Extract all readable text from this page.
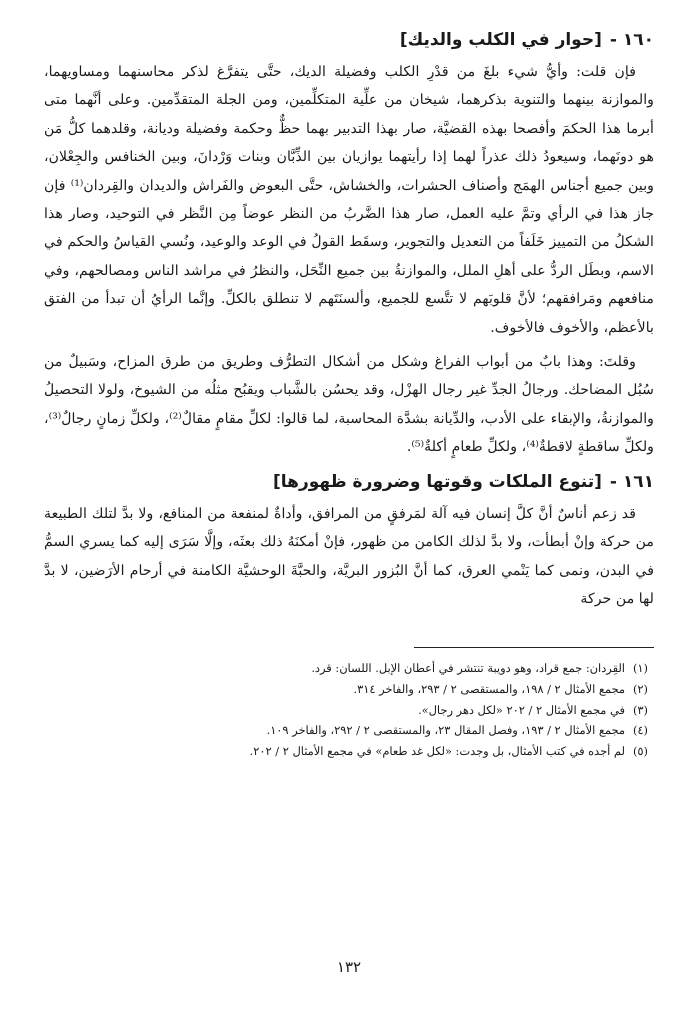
١٦٠ -
[حوار في الكلب والديك]

فإن قلت: وأيُّ شيء بلغَ من قدْرِ الكلب وفضيلة الديك، حتَّى يتفرَّغ لذكر محاسنهما ومساويهما، والموازنة بينهما والتنوية بذكرهما، شيخان من علِّية المتكلِّمين، ومن الجلة المتقدِّمين. وعلى أنَّهما متى أبرما هذا الحكمَ وأفصحا بهذه القضيَّة، صار بهذا التدبير بهما حظٌّ وحكمة وفضيلة وديانة، وقلدهما كلُّ مَن هو دونَهما، وسيعودُ ذلك عذراً لهما إذا رأيتهما يوازيان بين الذِّبَّان وبنات وَرْدانَ، وبين الخنافس والجِعْلان، وبين جميع أجناس الهمَج وأصناف الحشرات، والخشاش، حتَّى البعوض والفَراش والديدان والقِردان⁽¹⁾ فإن جاز هذا في الرأي وتمَّ عليه العمل، صار هذا الضَّربُ من النظر عوضاً مِن النَّظر في التوحيد، وصار هذا الشكلُ من التمييز خَلَفاً من التعديل والتجوير، وسقَط القولُ في الوعد والوعيد، ونُسي القياسُ والحكم في الاسم، وبطَل الردُّ على أهلِ الملل، والموازنةُ بين جميع النِّحَل، والنظرُ في مراشد الناس ومصالحهم، وفي منافعهم ومَرافقهم؛ لأنَّ قلوبَهم لا تتَّسع للجميع، وألسنَتَهم لا تنطلق بالكلِّ. وإنَّما الرأيُ أن تبدأ من الفتق بالأعظم، والأخوف فالأخوف.

وقلتَ: وهذا بابٌ من أبواب الفراغ وشكل من أشكال التطرُّف وطريق من طرق المزاح، وسَبيلٌ من سُبُل المضاحك. ورجالُ الجدِّ غير رجال الهزْل، وقد يحسُن بالشَّباب ويقبُح مثلُه من الشيوخ، ولولا التحصيلُ والموازنةُ، والإبقاء على الأدب، والدِّيانة بشدَّة المحاسبة، لما قالوا: لكلِّ مقامٍ مقالٌ⁽²⁾، ولكلِّ زمانٍ رجالٌ⁽³⁾، ولكلِّ ساقطةٍ لاقطةٌ⁽⁴⁾، ولكلِّ طعامٍ أكلةٌ⁽⁵⁾.

١٦١ -
[تنوع الملكات وقوتها وضرورة ظهورها]

قد زعم أناسٌ أنَّ كلَّ إنسان فيه آلة لمَرفقٍ من المرافق، وأداةٌ لمنفعة من المنافع، ولا بدَّ لتلك الطبيعة من حركة وإنْ أبطأت، ولا بدَّ لذلك الكامن من ظهور، فإنْ أمكنَهُ ذلك بعثَه، وإلَّا سَرَى إليه كما يسري السمُّ في البدن، ونمى كما يَنْمي العرق، كما أنَّ البُزور البريَّة، والحبَّةَ الوحشيَّة الكامنة في أرحام الأرَضين، لا بدَّ لها من حركة

(١)
القِردان: جمع قراد، وهو دويبة تنتشر في أعطان الإبل. اللسان: قرد.
(٢)
مجمع الأمثال ٢ / ١٩٨، والمستقصى ٢ / ٢٩٣، والفاخر ٣١٤.
(٣)
في مجمع الأمثال ٢ / ٢٠٢ «لكل دهر رجال».
(٤)
مجمع الأمثال ٢ / ١٩٣، وفصل المقال ٢٣، والمستقصى ٢ / ٢٩٢، والفاخر ١٠٩.
(٥)
لم أجده في كتب الأمثال، بل وجدت: «لكل غد طعام» في مجمع الأمثال ٢ / ٢٠٢.
١٣٢
